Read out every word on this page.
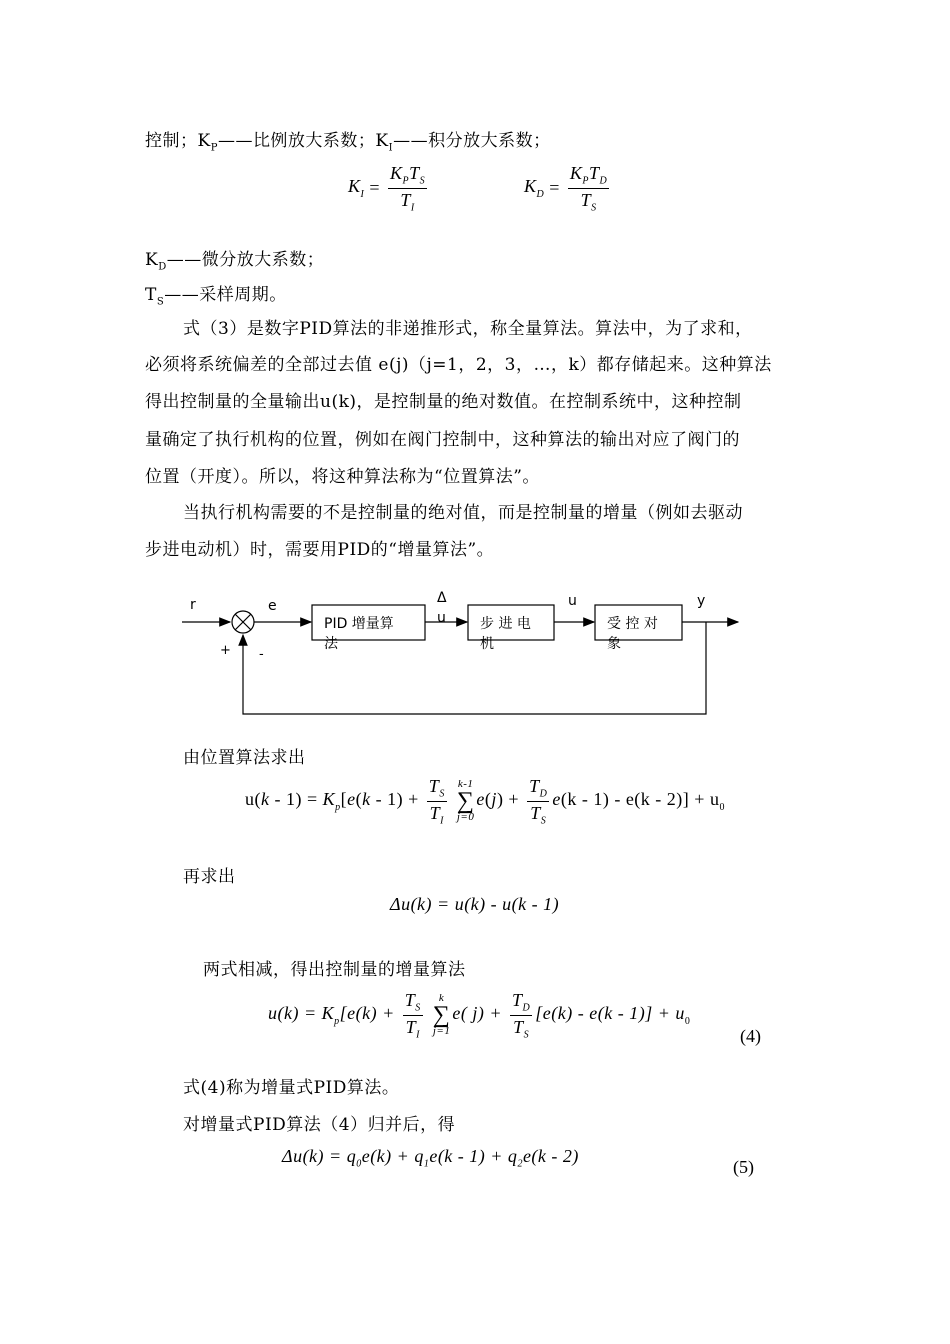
控制；$K_P——$比例放大系数；$K_I——$积分放大系数；
$K_I = \frac{K_PT_S}{T_I}$	$K_D = \frac{K_PT_D}{T_S}$
$K_D——$微分放大系数；
$T_S——$采样周期。
式（3）是数字PID算法的非递推形式，称全量算法。算法中，为了求和，
必须将系统偏差的全部过去值 e(j)（j=1，2，3，…，k）都存储起来。这种算法
得出控制量的全量输出u(k)，是控制量的绝对数值。在控制系统中，这种控制
量确定了执行机构的位置，例如在阀门控制中，这种算法的输出对应了阀门的
位置（开度）。所以，将这种算法称为“位置算法”。
当执行机构需要的不是控制量的绝对值，而是控制量的增量（例如去驱动
步进电动机）时，需要用PID的“增量算法”。
r	e	Δ
u
u	y
+ -
PID 增量算
法
步 进 电
机
受 控 对
象
由位置算法求出
$u(k - 1) = K_p[e(k - 1) + \frac{T_S}{T_I} k-1$
∑
$j=0e(j) + \frac{T_D}{T_S} e(k - 1) - e(k - 2)] + u_0$
再求出
Δu(k) = u(k) - u(k - 1)
两式相减，得出控制量的增量算法
$u(k) = K_p[e(k) + \frac{T_S}{T_I}$ k
∑
j=1e( $j) + \frac{T_D}{T_S} [e(k) - e(k - 1)] + u_0$
(4)
式(4)称为增量式PID算法。
对增量式PID算法（4）归并后，得
$\Delta u(k) = q_0e(k) + q_1e(k - 1) + q_2e(k - 2)$
(5)
